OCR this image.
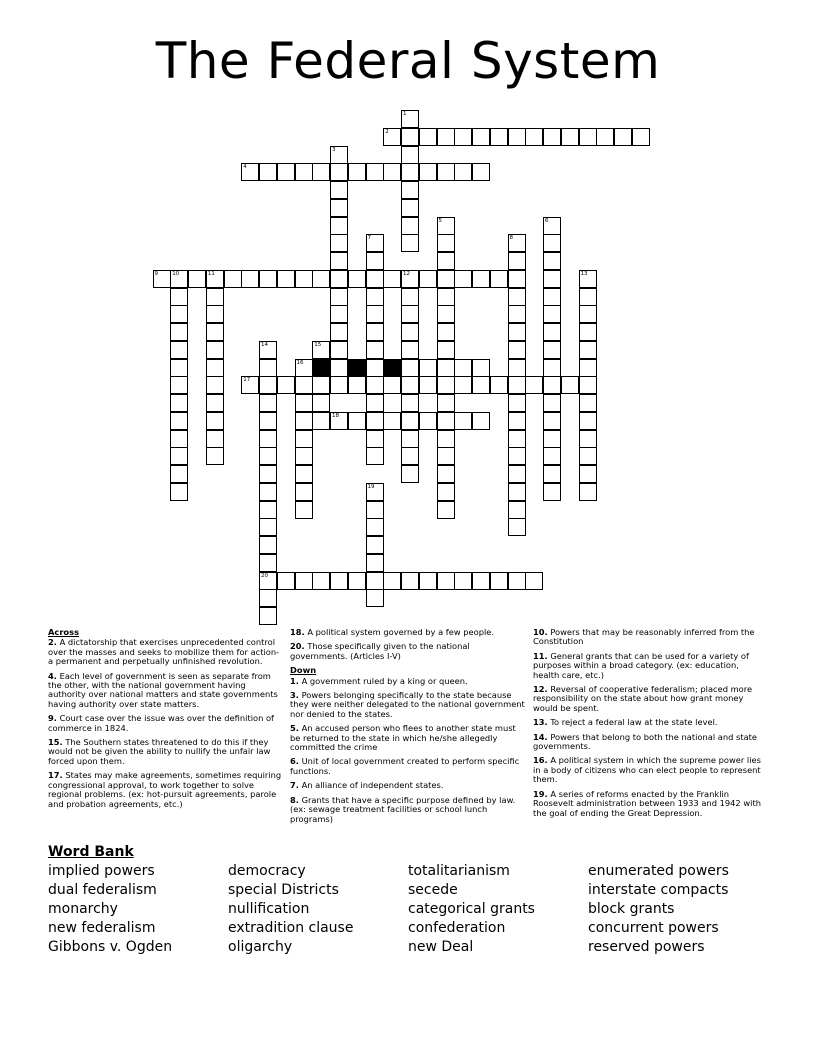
The Federal System
1
2
3
4
5	6
7	8
9	10	11	12	13
14
20
15
16
17
18
19
Across
2. A dictatorship that exercises unprecedented control over the masses and seeks to mobilize them for action- a permanent and perpetually unfinished revolution.
4. Each level of government is seen as separate from the other, with the national government having authority over national matters and state governments having authority over state matters.
9. Court case over the issue was over the definition of commerce in 1824.
15. The Southern states threatened to do this if they would not be given the ability to nullify the unfair law forced upon them.
17. States may make agreements, sometimes requiring congressional approval, to work together to solve regional problems. (ex: hot-pursuit agreements, parole and probation agreements, etc.)
18. A political system governed by a few people.
20. Those specifically given to the national governments. (Articles I-V)
Down
1. A government ruled by a king or queen.
3. Powers belonging specifically to the state because they were neither delegated to the national government nor denied to the states.
5. An accused person who flees to another state must be returned to the state in which he/she allegedly committed the crime
6. Unit of local government created to perform specific functions.
7. An alliance of independent states.
8. Grants that have a specific purpose defined by law. (ex: sewage treatment facilities or school lunch programs)
10. Powers that may be reasonably inferred from the Constitution
11. General grants that can be used for a variety of purposes within a broad category. (ex: education, health care, etc.)
12. Reversal of cooperative federalism; placed more responsibility on the state about how grant money would be spent.
13. To reject a federal law at the state level.
14. Powers that belong to both the national and state governments.
16. A political system in which the supreme power lies in a body of citizens who can elect people to represent them.
19. A series of reforms enacted by the Franklin Roosevelt administration between 1933 and 1942 with the goal of ending the Great Depression.
Word Bank
implied powers	democracy	totalitarianism	enumerated powers
dual federalism	special Districts	secede	interstate compacts
monarchy	nullification	categorical grants	block grants
new federalism	extradition clause	confederation	concurrent powers
Gibbons v. Ogden	oligarchy	new Deal	reserved powers
